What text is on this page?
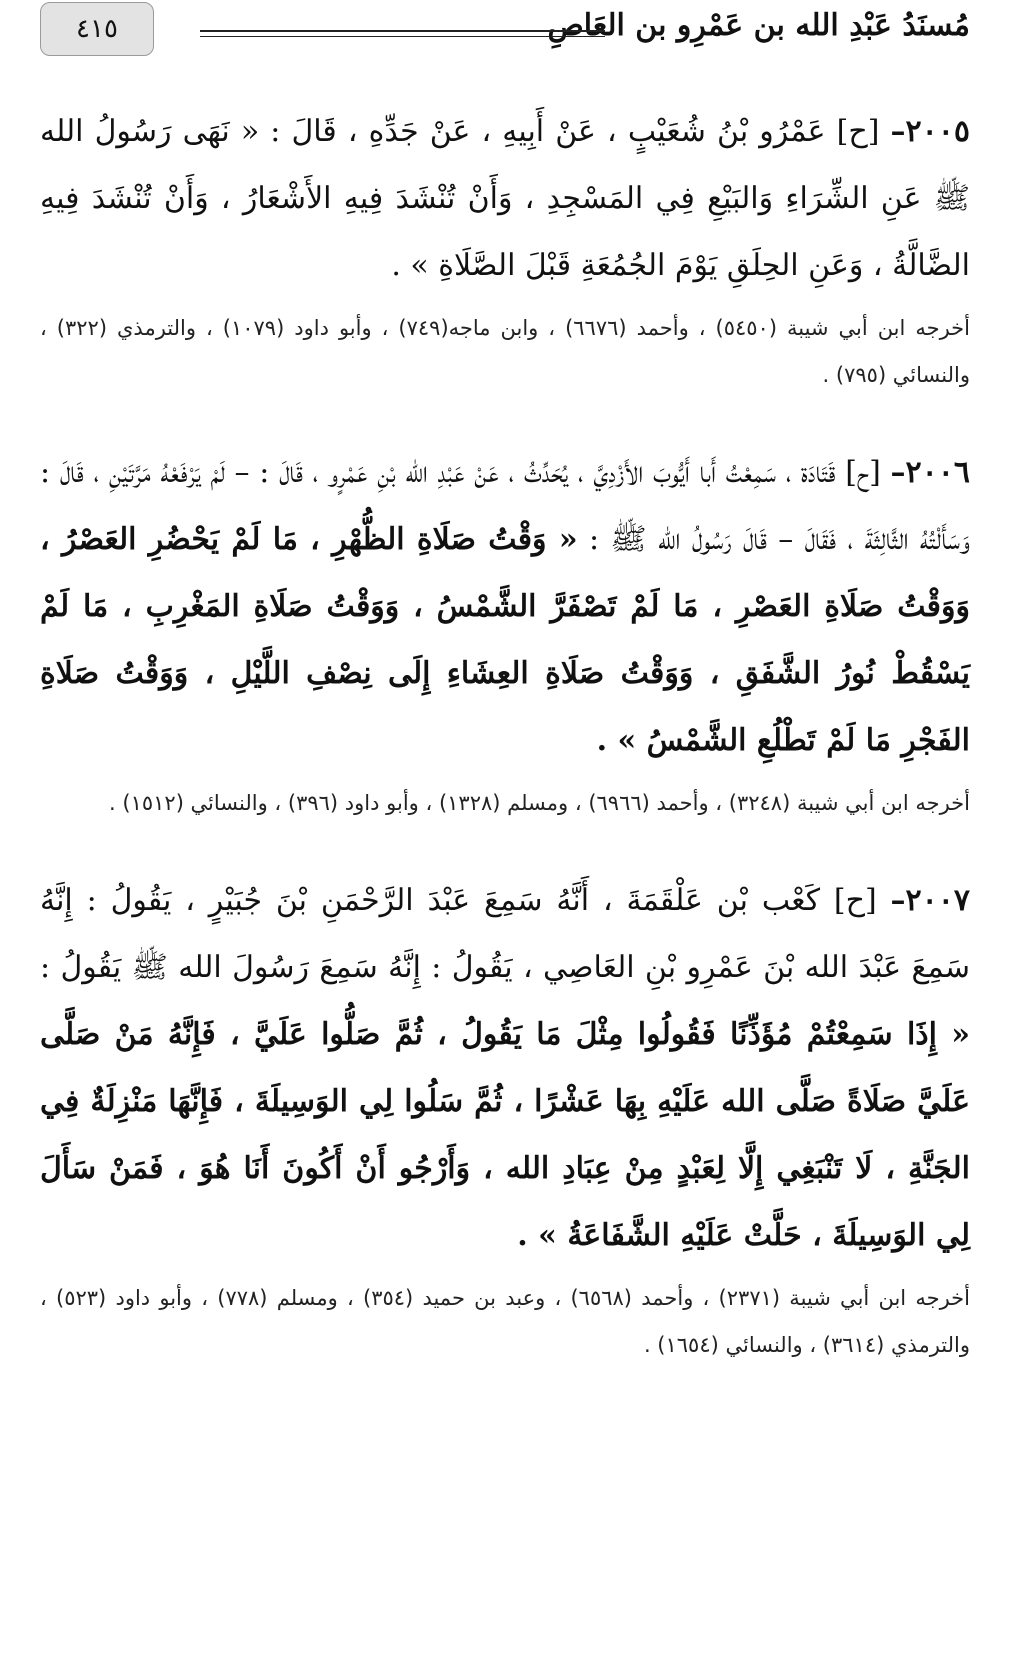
مُسنَدُ عَبْدِ الله بن عَمْرِو بن العَاصِ
٤١٥

٢٠٠٥– [ح] عَمْرُو بْنُ شُعَيْبٍ ، عَنْ أَبِيهِ ، عَنْ جَدِّهِ ، قَالَ : « نَهَى رَسُولُ الله ﷺ عَنِ الشِّرَاءِ وَالبَيْعِ فِي المَسْجِدِ ، وَأَنْ تُنْشَدَ فِيهِ الأَشْعَارُ ، وَأَنْ تُنْشَدَ فِيهِ الضَّالَّةُ ، وَعَنِ الحِلَقِ يَوْمَ الجُمُعَةِ قَبْلَ الصَّلَاةِ » .

أخرجه ابن أبي شيبة (٥٤٥٠) ، وأحمد (٦٦٧٦) ، وابن ماجه(٧٤٩) ، وأبو داود (١٠٧٩) ، والترمذي (٣٢٢) ، والنسائي (٧٩٥) .

٢٠٠٦– [ح] قَتَادَة ، سَمِعْتُ أَبا أَيُّوبَ الأَزْدِيَّ ، يُحَدِّثُ ، عَنْ عَبْدِ الله بْنِ عَمْرٍو ، قَالَ : – لَمْ يَرْفَعْهُ مَرَّتَيْنِ ، قَالَ : وَسَأَلْتُهُ الثَّالِثَةَ ، فَقَالَ – قَالَ رَسُولُ الله ﷺ : « وَقْتُ صَلَاةِ الظُّهْرِ ، مَا لَمْ يَحْضُرِ العَصْرُ ، وَوَقْتُ صَلَاةِ العَصْرِ ، مَا لَمْ تَصْفَرَّ الشَّمْسُ ، وَوَقْتُ صَلَاةِ المَغْرِبِ ، مَا لَمْ يَسْقُطْ نُورُ الشَّفَقِ ، وَوَقْتُ صَلَاةِ العِشَاءِ إِلَى نِصْفِ اللَّيْلِ ، وَوَقْتُ صَلَاةِ الفَجْرِ مَا لَمْ تَطْلُعِ الشَّمْسُ » .

أخرجه ابن أبي شيبة (٣٢٤٨) ، وأحمد (٦٩٦٦) ، ومسلم (١٣٢٨) ، وأبو داود (٣٩٦) ، والنسائي (١٥١٢) .

٢٠٠٧– [ح] كَعْب بْن عَلْقَمَةَ ، أَنَّهُ سَمِعَ عَبْدَ الرَّحْمَنِ بْنَ جُبَيْرٍ ، يَقُولُ : إِنَّهُ سَمِعَ عَبْدَ الله بْنَ عَمْرِو بْنِ العَاصِي ، يَقُولُ : إِنَّهُ سَمِعَ رَسُولَ الله ﷺ يَقُولُ : « إِذَا سَمِعْتُمْ مُؤَذِّنًا فَقُولُوا مِثْلَ مَا يَقُولُ ، ثُمَّ صَلُّوا عَلَيَّ ، فَإِنَّهُ مَنْ صَلَّى عَلَيَّ صَلَاةً صَلَّى الله عَلَيْهِ بِهَا عَشْرًا ، ثُمَّ سَلُوا لِي الوَسِيلَةَ ، فَإِنَّهَا مَنْزِلَةٌ فِي الجَنَّةِ ، لَا تَنْبَغِي إِلَّا لِعَبْدٍ مِنْ عِبَادِ الله ، وَأَرْجُو أَنْ أَكُونَ أَنَا هُوَ ، فَمَنْ سَأَلَ لِي الوَسِيلَةَ ، حَلَّتْ عَلَيْهِ الشَّفَاعَةُ » .

أخرجه ابن أبي شيبة (٢٣٧١) ، وأحمد (٦٥٦٨) ، وعبد بن حميد (٣٥٤) ، ومسلم (٧٧٨) ، وأبو داود (٥٢٣) ، والترمذي (٣٦١٤) ، والنسائي (١٦٥٤) .
